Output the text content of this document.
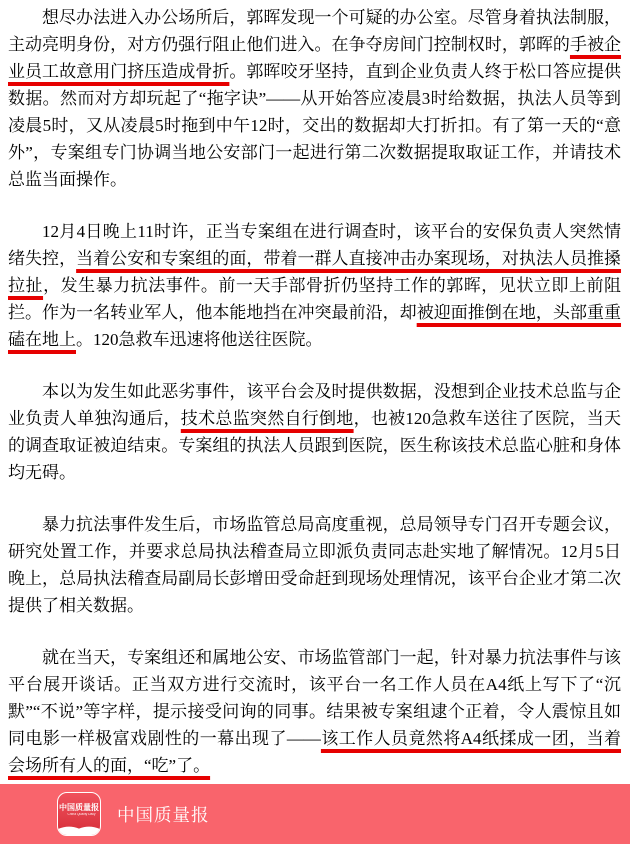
想尽办法进入办公场所后，郭晖发现一个可疑的办公室。尽管身着执法制服，主动亮明身份，对方仍强行阻止他们进入。在争夺房间门控制权时，郭晖的手被企业员工故意用门挤压造成骨折。郭晖咬牙坚持，直到企业负责人终于松口答应提供数据。然而对方却玩起了“拖字诀”——从开始答应凌晨3时给数据，执法人员等到凌晨5时，又从凌晨5时拖到中午12时，交出的数据却大打折扣。有了第一天的“意外”，专案组专门协调当地公安部门一起进行第二次数据提取取证工作，并请技术总监当面操作。

12月4日晚上11时许，正当专案组在进行调查时，该平台的安保负责人突然情绪失控，当着公安和专案组的面，带着一群人直接冲击办案现场，对执法人员推搡拉扯，发生暴力抗法事件。前一天手部骨折仍坚持工作的郭晖，见状立即上前阻拦。作为一名转业军人，他本能地挡在冲突最前沿，却被迎面推倒在地，头部重重磕在地上。120急救车迅速将他送往医院。

本以为发生如此恶劣事件，该平台会及时提供数据，没想到企业技术总监与企业负责人单独沟通后，技术总监突然自行倒地，也被120急救车送往了医院，当天的调查取证被迫结束。专案组的执法人员跟到医院，医生称该技术总监心脏和身体均无碍。

暴力抗法事件发生后，市场监管总局高度重视，总局领导专门召开专题会议，研究处置工作，并要求总局执法稽查局立即派负责同志赴实地了解情况。12月5日晚上，总局执法稽查局副局长彭增田受命赶到现场处理情况，该平台企业才第二次提供了相关数据。

就在当天，专案组还和属地公安、市场监管部门一起，针对暴力抗法事件与该平台展开谈话。正当双方进行交流时，该平台一名工作人员在A4纸上写下了“沉默”“不说”等字样，提示接受问询的同事。结果被专案组逮个正着，令人震惊且如同电影一样极富戏剧性的一幕出现了——该工作人员竟然将A4纸揉成一团，当着会场所有人的面，“吃”了。

中国质量报
China Quality Daily 中国质量报
